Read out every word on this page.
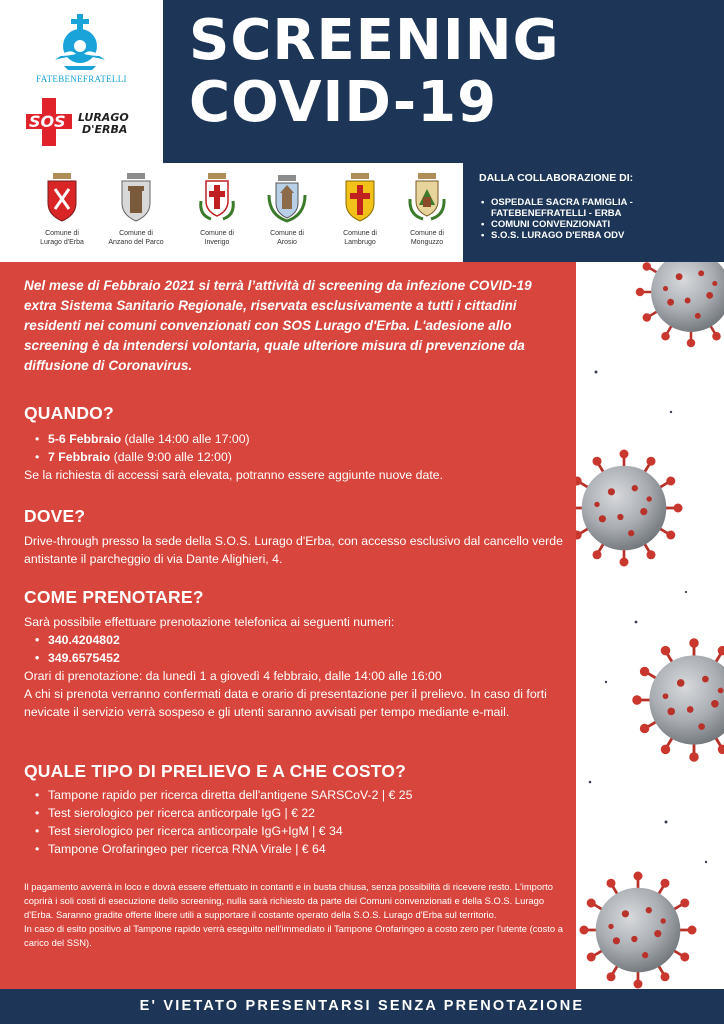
FATEBENEFRATELLI
SOS LURAGO
D'ERBA
SCREENING
COVID-19
Comune di
Lurago d'Erba
Comune di
Anzano del Parco
Comune di
Inverigo
Comune di
Arosio
Comune di
Lambrugo
Comune di
Monguzzo
DALLA COLLABORAZIONE DI:
• OSPEDALE SACRA FAMIGLIA - FATEBENEFRATELLI - ERBA
• COMUNI CONVENZIONATI
• S.O.S. LURAGO D'ERBA ODV
Nel mese di Febbraio 2021 si terrà l’attività di screening da infezione COVID-19 extra Sistema Sanitario Regionale, riservata esclusivamente a tutti i cittadini residenti nei comuni convenzionati con SOS Lurago d'Erba. L'adesione allo screening è da intendersi volontaria, quale ulteriore misura di prevenzione da diffusione di Coronavirus.
QUANDO?
• 5-6 Febbraio (dalle 14:00 alle 17:00)
• 7 Febbraio (dalle 9:00 alle 12:00)
Se la richiesta di accessi sarà elevata, potranno essere aggiunte nuove date.
DOVE?
Drive-through presso la sede della S.O.S. Lurago d'Erba, con accesso esclusivo dal cancello verde antistante il parcheggio di via Dante Alighieri, 4.
COME PRENOTARE?
Sarà possibile effettuare prenotazione telefonica ai seguenti numeri:
• 340.4204802
• 349.6575452
Orari di prenotazione: da lunedì 1 a giovedì 4 febbraio, dalle 14:00 alle 16:00
A chi si prenota verranno confermati data e orario di presentazione per il prelievo. In caso di forti nevicate il servizio verrà sospeso e gli utenti saranno avvisati per tempo mediante e-mail.
QUALE TIPO DI PRELIEVO E A CHE COSTO?
• Tampone rapido per ricerca diretta dell'antigene SARSCoV-2 | € 25
• Test sierologico per ricerca anticorpale IgG | € 22
• Test sierologico per ricerca anticorpale IgG+IgM | € 34
• Tampone Orofaringeo per ricerca RNA Virale | € 64
Il pagamento avverrà in loco e dovrà essere effettuato in contanti e in busta chiusa, senza possibilità di ricevere resto. L'importo coprirà i soli costi di esecuzione dello screening, nulla sarà richiesto da parte dei Comuni convenzionati e della S.O.S. Lurago d'Erba. Saranno gradite offerte libere utili a supportare il costante operato della S.O.S. Lurago d'Erba sul territorio.
In caso di esito positivo al Tampone rapido verrà eseguito nell'immediato il Tampone Orofaringeo a costo zero per l'utente (costo a carico del SSN).
E' VIETATO PRESENTARSI SENZA PRENOTAZIONE
